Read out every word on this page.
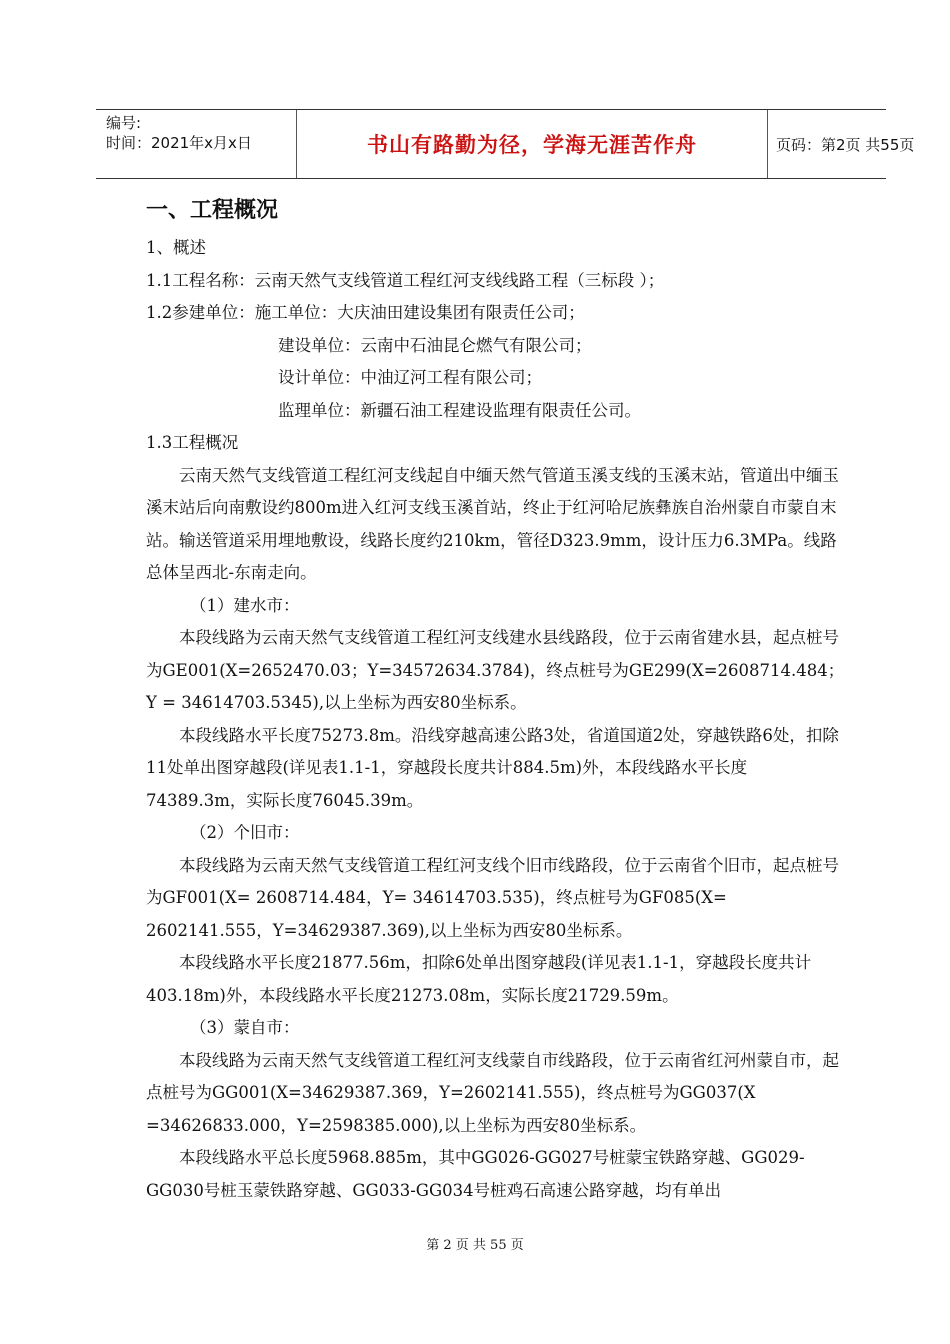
编号:
时间：2021年x月x日	书山有路勤为径，学海无涯苦作舟	页码：第2页 共55页
一、工程概况

1、概述

1.1工程名称：云南天然气支线管道工程红河支线线路工程（三标段 ）；

1.2参建单位：施工单位：大庆油田建设集团有限责任公司；

建设单位：云南中石油昆仑燃气有限公司；

设计单位：中油辽河工程有限公司；

监理单位：新疆石油工程建设监理有限责任公司。

1.3工程概况

云南天然气支线管道工程红河支线起自中缅天然气管道玉溪支线的玉溪末站，管道出中缅玉溪末站后向南敷设约800m进入红河支线玉溪首站，终止于红河哈尼族彝族自治州蒙自市蒙自末站。输送管道采用埋地敷设，线路长度约210km，管径D323.9mm，设计压力6.3MPa。线路总体呈西北-东南走向。

（1）建水市：

本段线路为云南天然气支线管道工程红河支线建水县线路段，位于云南省建水县，起点桩号为GE001(X=2652470.03；Y=34572634.3784)，终点桩号为GE299(X=2608714.484；Y = 34614703.5345),以上坐标为西安80坐标系。

本段线路水平长度75273.8m。沿线穿越高速公路3处，省道国道2处，穿越铁路6处，扣除11处单出图穿越段(详见表1.1-1，穿越段长度共计884.5m)外，本段线路水平长度74389.3m，实际长度76045.39m。

（2）个旧市：

本段线路为云南天然气支线管道工程红河支线个旧市线路段，位于云南省个旧市，起点桩号为GF001(X= 2608714.484，Y= 34614703.535)，终点桩号为GF085(X= 2602141.555，Y=34629387.369),以上坐标为西安80坐标系。

本段线路水平长度21877.56m，扣除6处单出图穿越段(详见表1.1-1，穿越段长度共计403.18m)外，本段线路水平长度21273.08m，实际长度21729.59m。

（3）蒙自市：

本段线路为云南天然气支线管道工程红河支线蒙自市线路段，位于云南省红河州蒙自市，起点桩号为GG001(X=34629387.369，Y=2602141.555)，终点桩号为GG037(X =34626833.000，Y=2598385.000),以上坐标为西安80坐标系。

本段线路水平总长度5968.885m，其中GG026-GG027号桩蒙宝铁路穿越、GG029-GG030号桩玉蒙铁路穿越、GG033-GG034号桩鸡石高速公路穿越，均有单出

第 2 页 共 55 页
